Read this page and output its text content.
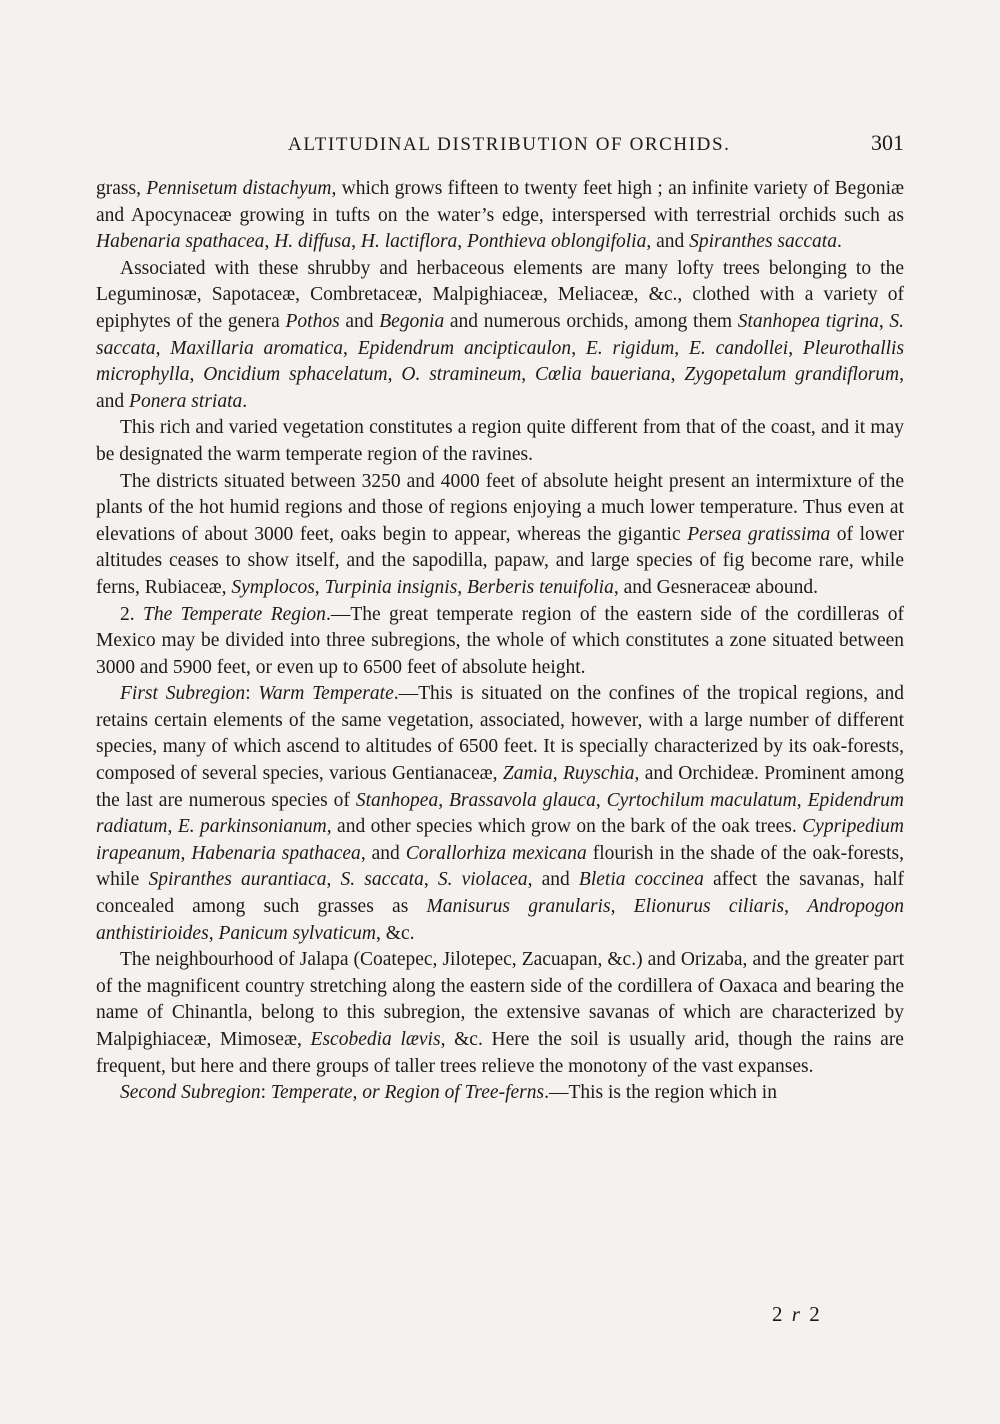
ALTITUDINAL DISTRIBUTION OF ORCHIDS.	301

grass, Pennisetum distachyum, which grows fifteen to twenty feet high ; an infinite variety of Begoniæ and Apocynaceæ growing in tufts on the water’s edge, interspersed with terrestrial orchids such as Habenaria spathacea, H. diffusa, H. lactiflora, Ponthieva oblongifolia, and Spiranthes saccata.

Associated with these shrubby and herbaceous elements are many lofty trees belonging to the Leguminosæ, Sapotaceæ, Combretaceæ, Malpighiaceæ, Meliaceæ, &c., clothed with a variety of epiphytes of the genera Pothos and Begonia and numerous orchids, among them Stanhopea tigrina, S. saccata, Maxillaria aromatica, Epidendrum ancipticaulon, E. rigidum, E. candollei, Pleurothallis microphylla, Oncidium sphacelatum, O. stramineum, Cœlia baueriana, Zygopetalum grandiflorum, and Ponera striata.

This rich and varied vegetation constitutes a region quite different from that of the coast, and it may be designated the warm temperate region of the ravines.

The districts situated between 3250 and 4000 feet of absolute height present an intermixture of the plants of the hot humid regions and those of regions enjoying a much lower temperature. Thus even at elevations of about 3000 feet, oaks begin to appear, whereas the gigantic Persea gratissima of lower altitudes ceases to show itself, and the sapodilla, papaw, and large species of fig become rare, while ferns, Rubiaceæ, Symplocos, Turpinia insignis, Berberis tenuifolia, and Gesneraceæ abound.

2. The Temperate Region.—The great temperate region of the eastern side of the cordilleras of Mexico may be divided into three subregions, the whole of which constitutes a zone situated between 3000 and 5900 feet, or even up to 6500 feet of absolute height.

First Subregion: Warm Temperate.—This is situated on the confines of the tropical regions, and retains certain elements of the same vegetation, associated, however, with a large number of different species, many of which ascend to altitudes of 6500 feet. It is specially characterized by its oak-forests, composed of several species, various Gentianaceæ, Zamia, Ruyschia, and Orchideæ. Prominent among the last are numerous species of Stanhopea, Brassavola glauca, Cyrtochilum maculatum, Epidendrum radiatum, E. parkinsonianum, and other species which grow on the bark of the oak trees. Cypripedium irapeanum, Habenaria spathacea, and Corallorhiza mexicana flourish in the shade of the oak-forests, while Spiranthes aurantiaca, S. saccata, S. violacea, and Bletia coccinea affect the savanas, half concealed among such grasses as Manisurus granularis, Elionurus ciliaris, Andropogon anthistirioides, Panicum sylvaticum, &c.

The neighbourhood of Jalapa (Coatepec, Jilotepec, Zacuapan, &c.) and Orizaba, and the greater part of the magnificent country stretching along the eastern side of the cordillera of Oaxaca and bearing the name of Chinantla, belong to this subregion, the extensive savanas of which are characterized by Malpighiaceæ, Mimoseæ, Escobedia lævis, &c. Here the soil is usually arid, though the rains are frequent, but here and there groups of taller trees relieve the monotony of the vast expanses.

Second Subregion: Temperate, or Region of Tree-ferns.—This is the region which in

2 r 2
